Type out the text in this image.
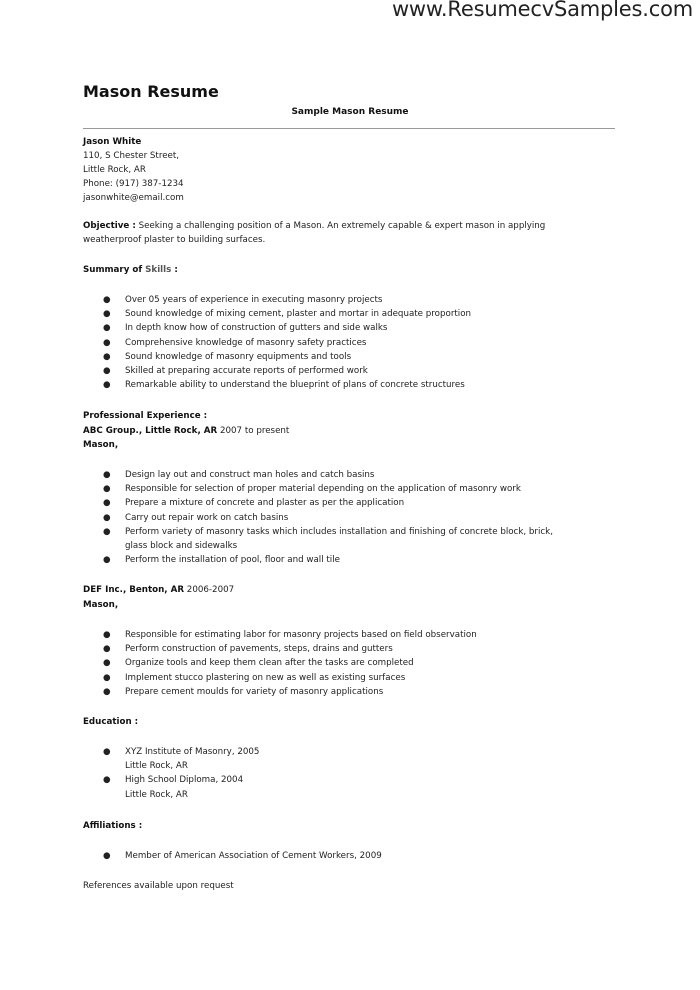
www.ResumecvSamples.com
Mason Resume
Sample Mason Resume
Jason White
110, S Chester Street,
Little Rock, AR
Phone: (917) 387-1234
jasonwhite@email.com
Objective : Seeking a challenging position of a Mason. An extremely capable & expert mason in applying
weatherproof plaster to building surfaces.
Summary of Skills :
● Over 05 years of experience in executing masonry projects
● Sound knowledge of mixing cement, plaster and mortar in adequate proportion
● In depth know how of construction of gutters and side walks
● Comprehensive knowledge of masonry safety practices
● Sound knowledge of masonry equipments and tools
● Skilled at preparing accurate reports of performed work
● Remarkable ability to understand the blueprint of plans of concrete structures
Professional Experience :
ABC Group., Little Rock, AR 2007 to present
Mason,
● Design lay out and construct man holes and catch basins
● Responsible for selection of proper material depending on the application of masonry work
● Prepare a mixture of concrete and plaster as per the application
● Carry out repair work on catch basins
● Perform variety of masonry tasks which includes installation and finishing of concrete block, brick,
glass block and sidewalks
● Perform the installation of pool, floor and wall tile
DEF Inc., Benton, AR 2006-2007
Mason,
● Responsible for estimating labor for masonry projects based on field observation
● Perform construction of pavements, steps, drains and gutters
● Organize tools and keep them clean after the tasks are completed
● Implement stucco plastering on new as well as existing surfaces
● Prepare cement moulds for variety of masonry applications
Education :
● XYZ Institute of Masonry, 2005
Little Rock, AR
● High School Diploma, 2004
Little Rock, AR
Affiliations :
● Member of American Association of Cement Workers, 2009
References available upon request
